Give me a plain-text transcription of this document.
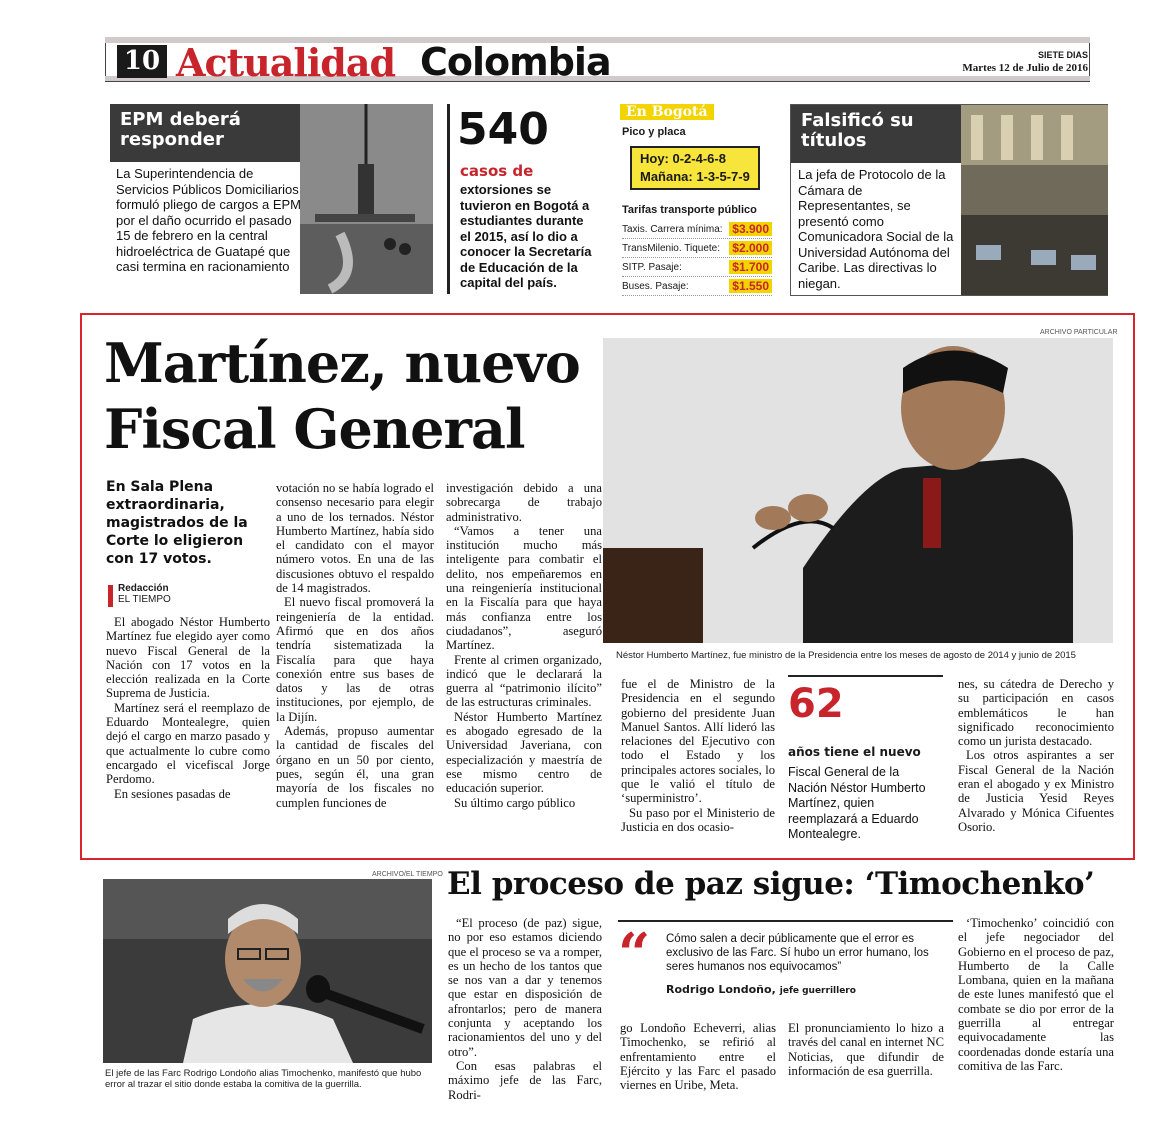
10 Actualidad Colombia	SIETE DIAS
Martes 12 de Julio de 2016
EPM deberá responder
La Superintendencia de Servicios Públicos Domiciliarios formuló pliego de cargos a EPM por el daño ocurrido el pasado 15 de febrero en la central hidroeléctrica de Guatapé que casi termina en racionamiento
540
casos de
extorsiones se tuvieron en Bogotá a estudiantes durante el 2015, así lo dio a conocer la Secretaría de Educación de la capital del país.
En Bogotá
Pico y placa
Hoy: 0-2-4-6-8
Mañana: 1-3-5-7-9
Tarifas transporte público
Taxis. Carrera mínima: $3.900
TransMilenio. Tiquete: $2.000
SITP. Pasaje:	$1.700
Buses. Pasaje:	$1.550
Falsificó su títulos
La jefa de Protocolo de la Cámara de Representantes, se presentó como Comunicadora Social de la Universidad Autónoma del Caribe. Las directivas lo niegan.
ARCHIVO PARTICULAR
Néstor Humberto Martínez, fue ministro de la Presidencia entre los meses de agosto de 2014 y junio de 2015
Martínez, nuevo
Fiscal General
En Sala Plena extraordinaria, magistrados de la Corte lo eligieron con 17 votos.
Redacción
EL TIEMPO

El abogado Néstor Humberto Martínez fue elegido ayer como nuevo Fiscal General de la Nación con 17 votos en la elección realizada en la Corte Suprema de Justicia.

Martínez será el reemplazo de Eduardo Montealegre, quien dejó el cargo en marzo pasado y que actualmente lo cubre como encargado el vicefiscal Jorge Perdomo.

En sesiones pasadas de

votación no se había logrado el consenso necesario para elegir a uno de los ternados. Néstor Humberto Martínez, había sido el candidato con el mayor número votos. En una de las discusiones obtuvo el respaldo de 14 magistrados.

El nuevo fiscal promoverá la reingeniería de la entidad. Afirmó que en dos años tendría sistematizada la Fiscalía para que haya conexión entre sus bases de datos y las de otras instituciones, por ejemplo, de la Dijín.

Además, propuso aumentar la cantidad de fiscales del órgano en un 50 por ciento, pues, según él, una gran mayoría de los fiscales no cumplen funciones de

investigación debido a una sobrecarga de trabajo administrativo.

“Vamos a tener una institución mucho más inteligente para combatir el delito, nos empeñaremos en una reingeniería institucional en la Fiscalía para que haya más confianza entre los ciudadanos”, aseguró Martínez.

Frente al crimen organizado, indicó que le declarará la guerra al “patrimonio ilícito” de las estructuras criminales.

Néstor Humberto Martínez es abogado egresado de la Universidad Javeriana, con especialización y maestría de ese mismo centro de educación superior.

Su último cargo público

fue el de Ministro de la Presidencia en el segundo gobierno del presidente Juan Manuel Santos. Allí lideró las relaciones del Ejecutivo con todo el Estado y los principales actores sociales, lo que le valió el título de ‘superministro’.

Su paso por el Ministerio de Justicia en dos ocasio-

62
años tiene el nuevo
Fiscal General de la Nación Néstor Humberto Martínez, quien reemplazará a Eduardo Montealegre.

nes, su cátedra de Derecho y su participación en casos emblemáticos le han significado reconocimiento como un jurista destacado.

Los otros aspirantes a ser Fiscal General de la Nación eran el abogado y ex Ministro de Justicia Yesid Reyes Alvarado y Mónica Cifuentes Osorio.

ARCHIVO/EL TIEMPO
El jefe de las Farc Rodrigo Londoño alias Timochenko, manifestó que hubo error al trazar el sitio donde estaba la comitiva de la guerrilla.
El proceso de paz sigue: ‘Timochenko’

“El proceso (de paz) sigue, no por eso estamos diciendo que el proceso se va a romper, es un hecho de los tantos que se nos van a dar y tenemos que estar en disposición de afrontarlos; pero de manera conjunta y aceptando los racionamientos del uno y del otro”.

Con esas palabras el máximo jefe de las Farc, Rodri-

“ Cómo salen a decir públicamente que el error es exclusivo de las Farc. Sí hubo un error humano, los seres humanos nos equivocamos”
Rodrigo Londoño, jefe guerrillero

go Londoño Echeverri, alias Timochenko, se refirió al enfrentamiento entre el Ejército y las Farc el pasado viernes en Uribe, Meta.

El pronunciamiento lo hizo a través del canal en internet NC Noticias, que difundir de información de esa guerrilla.

‘Timochenko’ coincidió con el jefe negociador del Gobierno en el proceso de paz, Humberto de la Calle Lombana, quien en la mañana de este lunes manifestó que el combate se dio por error de la guerrilla al entregar equivocadamente las coordenadas donde estaría una comitiva de las Farc.
